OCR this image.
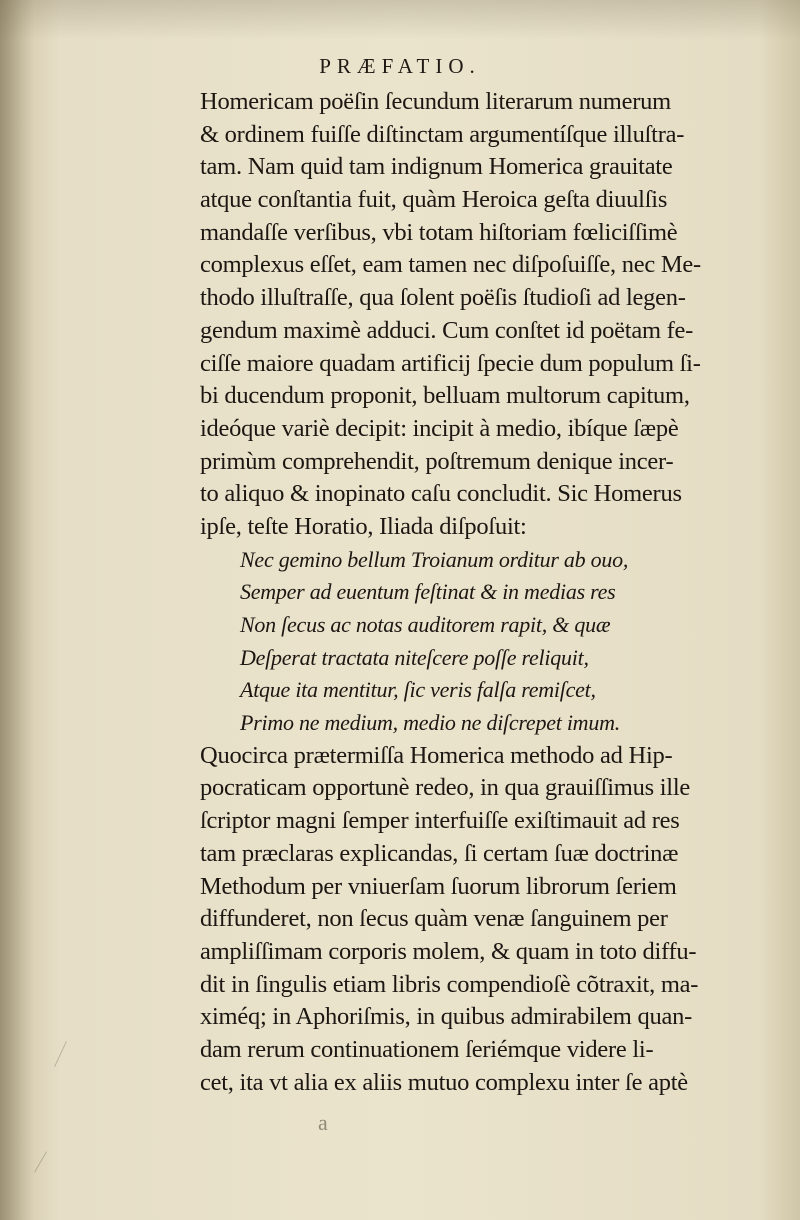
PRÆFATIO.
Homericam poëſin ſecundum literarum numerum
& ordinem fuiſſe diſtinctam argumentíſque illuſtra-
tam. Nam quid tam indignum Homerica grauitate
atque conſtantia fuit, quàm Heroica geſta diuulſis
mandaſſe verſibus, vbi totam hiſtoriam fœliciſſimè
complexus eſſet, eam tamen nec diſpoſuiſſe, nec Me-
thodo illuſtraſſe, qua ſolent poëſis ſtudioſi ad legen-
gendum maximè adduci. Cum conſtet id poëtam fe-
ciſſe maiore quadam artificij ſpecie dum populum ſi-
bi ducendum proponit, belluam multorum capitum,
ideóque variè decipit: incipit à medio, ibíque ſæpè
primùm comprehendit, poſtremum denique incer-
to aliquo & inopinato caſu concludit. Sic Homerus
ipſe, teſte Horatio, Iliada diſpoſuit:
Nec gemino bellum Troianum orditur ab ouo,
Semper ad euentum feſtinat & in medias res
Non ſecus ac notas auditorem rapit, & quæ
Deſperat tractata niteſcere poſſe reliquit,
Atque ita mentitur, ſic veris falſa remiſcet,
Primo ne medium, medio ne diſcrepet imum.
Quocirca prætermiſſa Homerica methodo ad Hip-
pocraticam opportunè redeo, in qua grauiſſimus ille
ſcriptor magni ſemper interfuiſſe exiſtimauit ad res
tam præclaras explicandas, ſi certam ſuæ doctrinæ
Methodum per vniuerſam ſuorum librorum ſeriem
diffunderet, non ſecus quàm venæ ſanguinem per
ampliſſimam corporis molem, & quam in toto diffu-
dit in ſingulis etiam libris compendioſè cõtraxit, ma-
ximéq; in Aphoriſmis, in quibus admirabilem quan-
dam rerum continuationem ſeriémque videre li-
cet, ita vt alia ex aliis mutuo complexu inter ſe aptè
a
